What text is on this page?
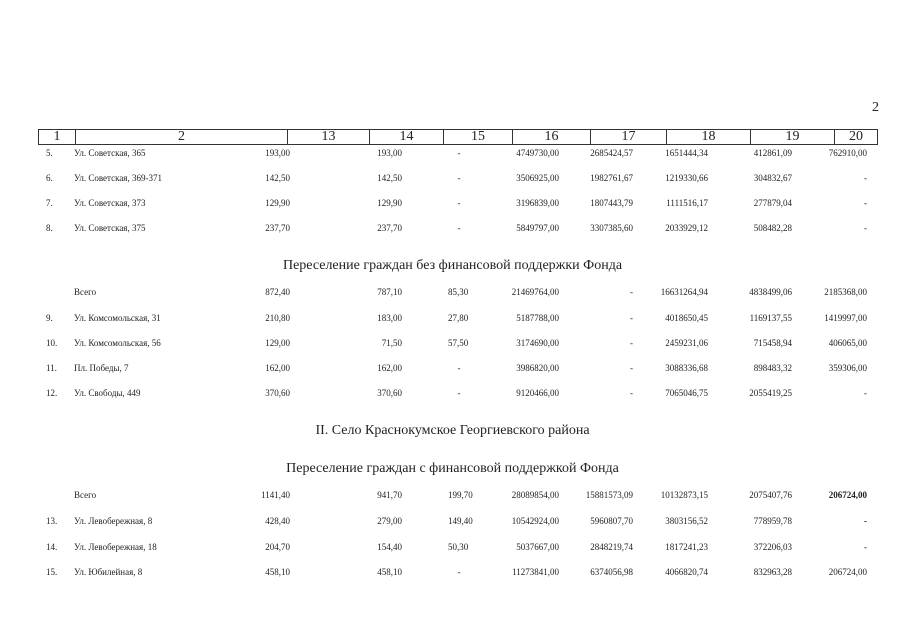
2
1	2	13	14	15	16	17	18	19	20
5. Ул. Советская, 365	193,00	193,00	-	4749730,00	2685424,57	1651444,34	412861,09	762910,00
6. Ул. Советская, 369-371	142,50	142,50	-	3506925,00	1982761,67	1219330,66	304832,67	-
7. Ул. Советская, 373	129,90	129,90	-	3196839,00	1807443,79	1111516,17	277879,04	-
8. Ул. Советская, 375	237,70	237,70	-	5849797,00	3307385,60	2033929,12	508482,28	-
Переселение граждан без финансовой поддержки Фонда
Всего	872,40	787,10	85,30	21469764,00	-	16631264,94	4838499,06	2185368,00
9. Ул. Комсомольская, 31	210,80	183,00	27,80	5187788,00	-	4018650,45	1169137,55	1419997,00
10. Ул. Комсомольская, 56	129,00	71,50	57,50	3174690,00	-	2459231,06	715458,94	406065,00
11. Пл. Победы, 7	162,00	162,00	-	3986820,00	-	3088336,68	898483,32	359306,00
12. Ул. Свободы, 449	370,60	370,60	-	9120466,00	-	7065046,75	2055419,25	-
II. Село Краснокумское Георгиевского района
Переселение граждан с финансовой поддержкой Фонда
Всего	1141,40	941,70	199,70	28089854,00	15881573,09	10132873,15	2075407,76	206724,00
13. Ул. Левобережная, 8	428,40	279,00	149,40	10542924,00	5960807,70	3803156,52	778959,78	-
14. Ул. Левобережная, 18	204,70	154,40	50,30	5037667,00	2848219,74	1817241,23	372206,03	-
15. Ул. Юбилейная, 8	458,10	458,10	-	11273841,00	6374056,98	4066820,74	832963,28	206724,00
